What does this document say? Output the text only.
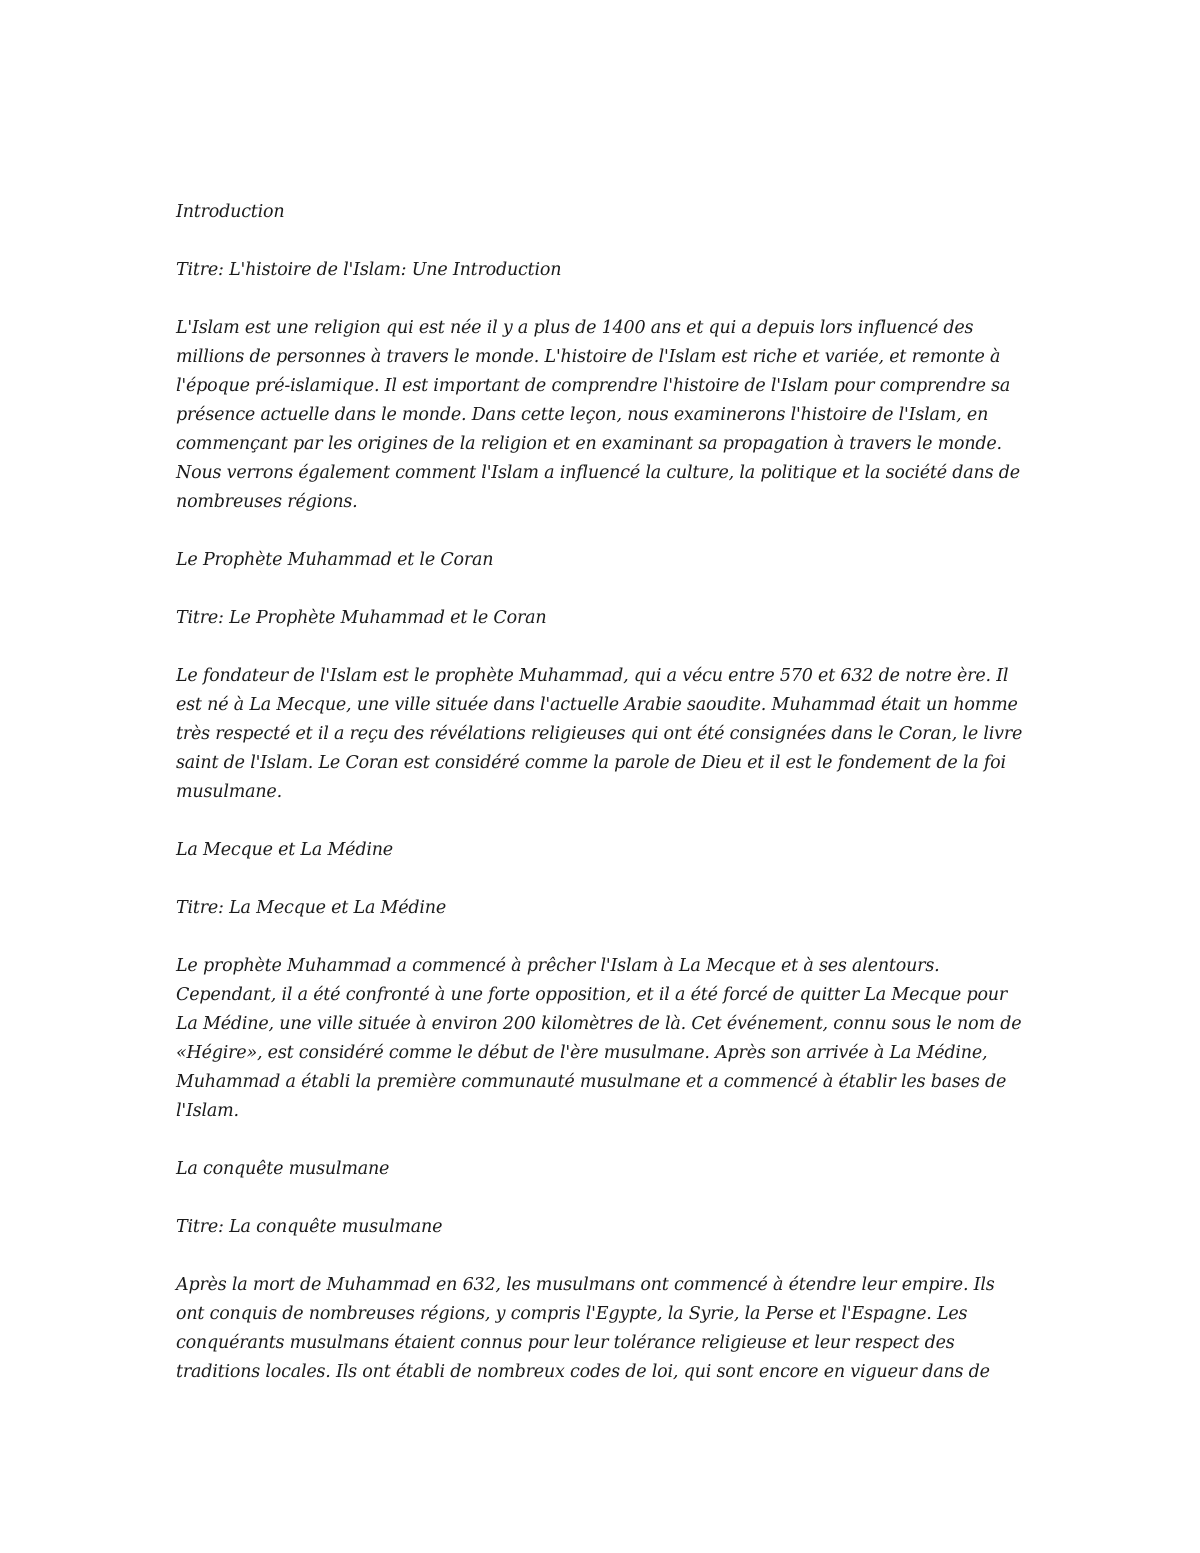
Introduction

Titre: L'histoire de l'Islam: Une Introduction

L'Islam est une religion qui est née il y a plus de 1400 ans et qui a depuis lors influencé des millions de personnes à travers le monde. L'histoire de l'Islam est riche et variée, et remonte à l'époque pré-islamique. Il est important de comprendre l'histoire de l'Islam pour comprendre sa présence actuelle dans le monde. Dans cette leçon, nous examinerons l'histoire de l'Islam, en commençant par les origines de la religion et en examinant sa propagation à travers le monde. Nous verrons également comment l'Islam a influencé la culture, la politique et la société dans de nombreuses régions.

Le Prophète Muhammad et le Coran

Titre: Le Prophète Muhammad et le Coran

Le fondateur de l'Islam est le prophète Muhammad, qui a vécu entre 570 et 632 de notre ère. Il est né à La Mecque, une ville située dans l'actuelle Arabie saoudite. Muhammad était un homme très respecté et il a reçu des révélations religieuses qui ont été consignées dans le Coran, le livre saint de l'Islam. Le Coran est considéré comme la parole de Dieu et il est le fondement de la foi musulmane.

La Mecque et La Médine

Titre: La Mecque et La Médine

Le prophète Muhammad a commencé à prêcher l'Islam à La Mecque et à ses alentours. Cependant, il a été confronté à une forte opposition, et il a été forcé de quitter La Mecque pour La Médine, une ville située à environ 200 kilomètres de là. Cet événement, connu sous le nom de «Hégire», est considéré comme le début de l'ère musulmane. Après son arrivée à La Médine, Muhammad a établi la première communauté musulmane et a commencé à établir les bases de l'Islam.

La conquête musulmane

Titre: La conquête musulmane

Après la mort de Muhammad en 632, les musulmans ont commencé à étendre leur empire. Ils ont conquis de nombreuses régions, y compris l'Egypte, la Syrie, la Perse et l'Espagne. Les conquérants musulmans étaient connus pour leur tolérance religieuse et leur respect des traditions locales. Ils ont établi de nombreux codes de loi, qui sont encore en vigueur dans de
